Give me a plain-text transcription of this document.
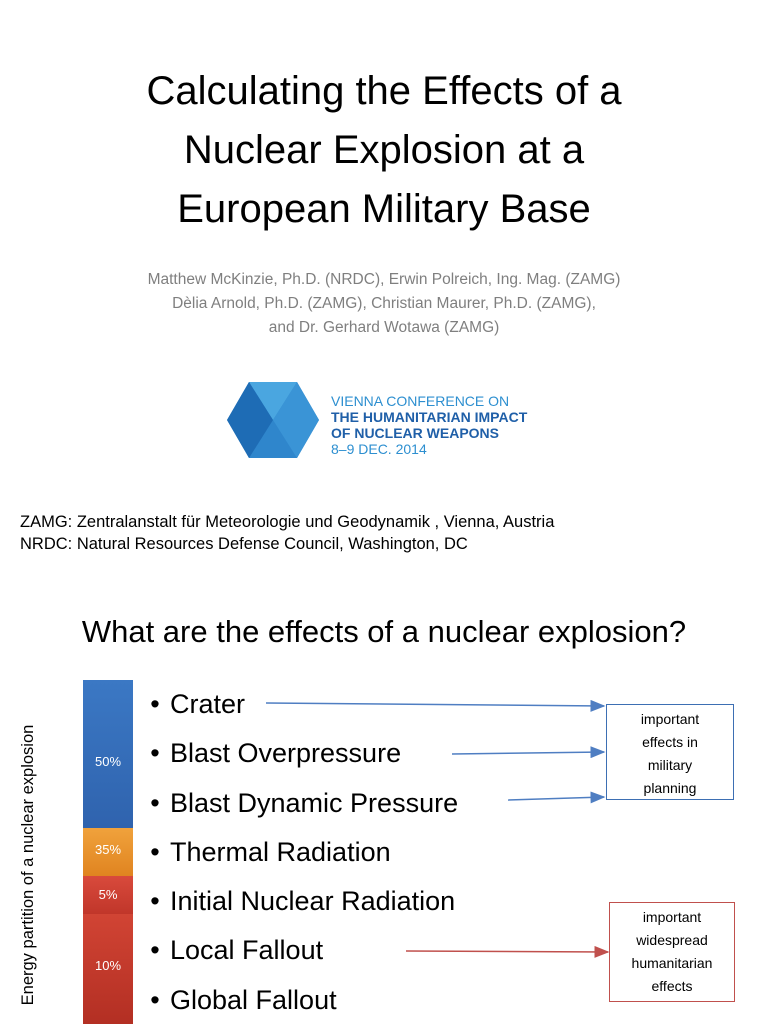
Calculating the Effects of a
Nuclear Explosion at a
European Military Base
Matthew McKinzie, Ph.D. (NRDC), Erwin Polreich, Ing. Mag. (ZAMG)
Dèlia Arnold, Ph.D. (ZAMG), Christian Maurer, Ph.D. (ZAMG),
and Dr. Gerhard Wotawa (ZAMG)
VIENNA CONFERENCE ON
THE HUMANITARIAN IMPACT
OF NUCLEAR WEAPONS
8–9 DEC. 2014
ZAMG: Zentralanstalt für Meteorologie und Geodynamik , Vienna, Austria
NRDC: Natural Resources Defense Council, Washington, DC
What are the effects of a nuclear explosion?
Energy partition of a nuclear explosion	50%
35%
5%
10%
• Crater
• Blast Overpressure
• Blast Dynamic Pressure
• Thermal Radiation
• Initial Nuclear Radiation
• Local Fallout
• Global Fallout
important
effects in
military
planning
important
widespread
humanitarian
effects
